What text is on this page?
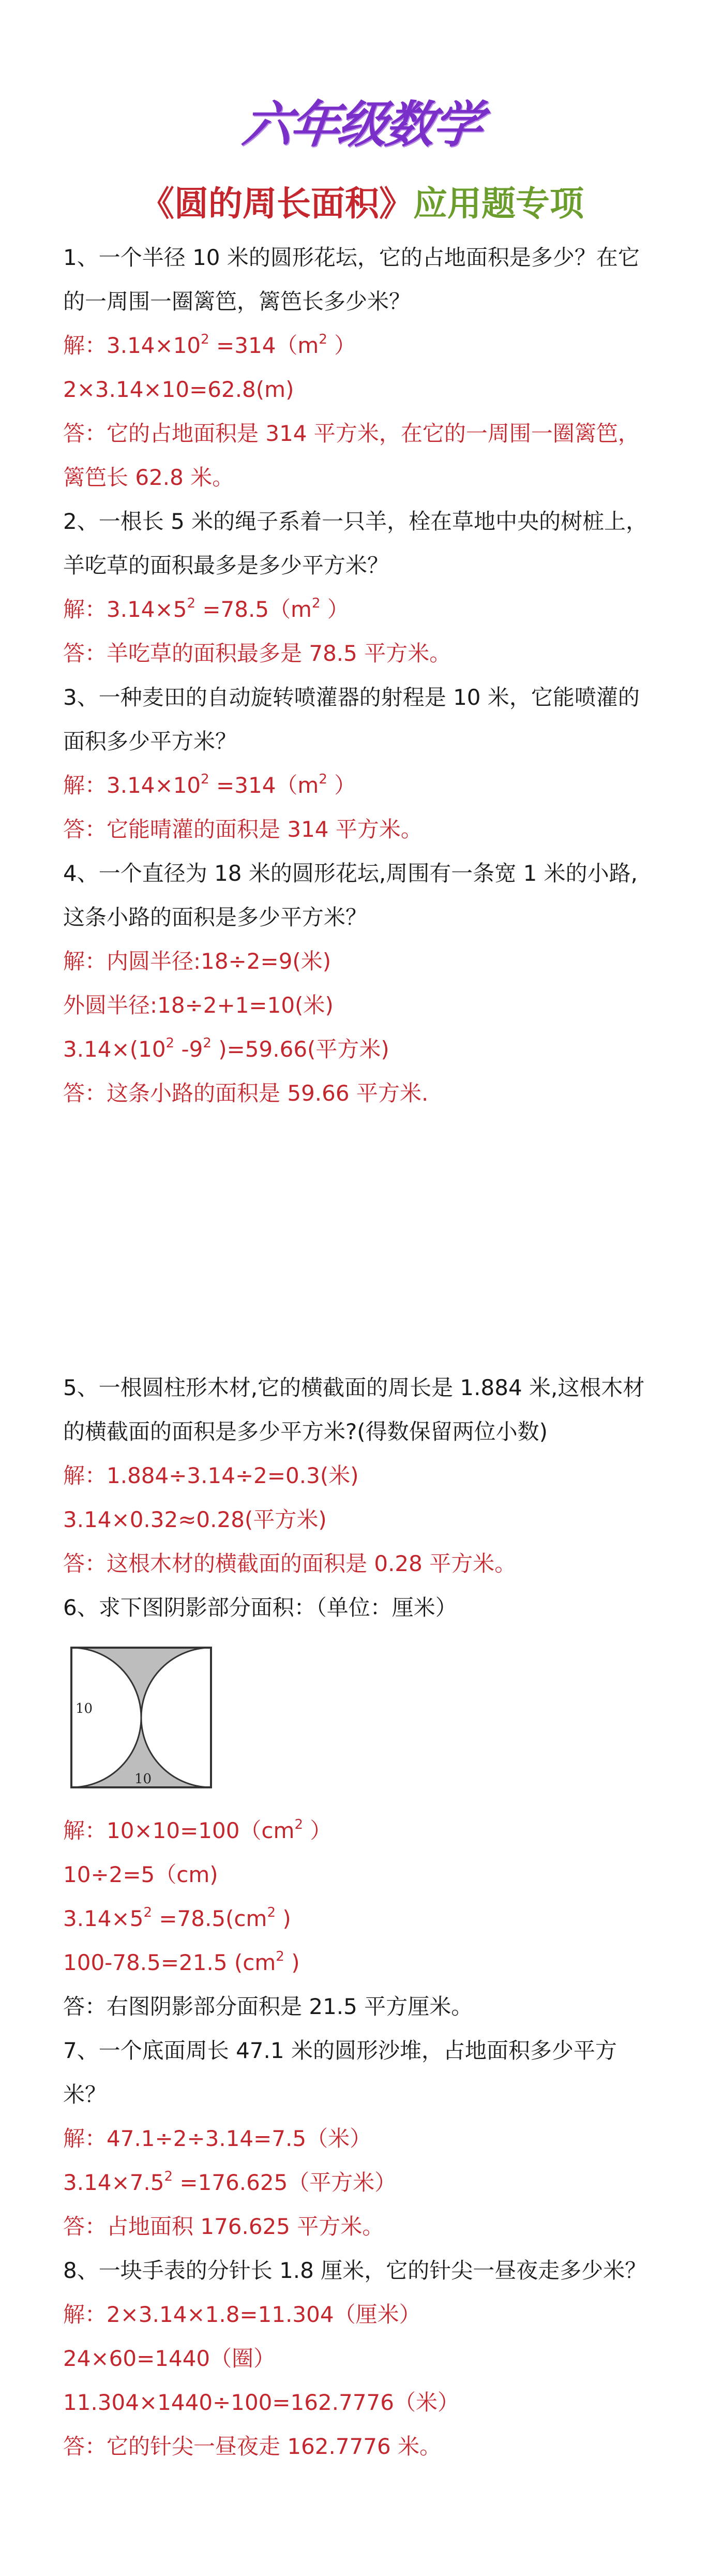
六年级数学
《圆的周长面积》应用题专项
1、一个半径 10 米的圆形花坛，它的占地面积是多少？在它
的一周围一圈篱笆，篱笆长多少米？
解：$3.14\times 10^2 =314(m^2$ ）
2×3.14×10=62.8(m)
答：它的占地面积是 314 平方米，在它的一周围一圈篱笆，
篱笆长 62.8 米。
2、一根长 5 米的绳子系着一只羊，栓在草地中央的树桩上，
羊吃草的面积最多是多少平方米？
解：$3.14\times 5^2 =78.5(m^2$ ）
答：羊吃草的面积最多是 78.5 平方米。
3、一种麦田的自动旋转喷灌器的射程是 10 米，它能喷灌的
面积多少平方米？
解：$3.14\times 10^2 =314(m^2$ ）
答：它能晴灌的面积是 314 平方米。
4、一个直径为 18 米的圆形花坛,周围有一条宽 1 米的小路,
这条小路的面积是多少平方米？
解：内圆半径:18÷2=9(米)
外圆半径:18÷2+1=10(米)
$3.14\times(10^2$ $-9^2$ )=59.66(平方米)
答：这条小路的面积是 59.66 平方米.
5、一根圆柱形木材,它的横截面的周长是 1.884 米,这根木材
的横截面的面积是多少平方米?(得数保留两位小数)
解：1.884÷3.14÷2=0.3(米)
3.14×0.32≈0.28(平方米)
答：这根木材的横截面的面积是 0.28 平方米。
6、求下图阴影部分面积：（单位：厘米）
10
10
解：$10\times 10=100(cm^2$ ）
10÷2=5（cm)
$3.14\times 5^2 =78.5(cm^2$ )
100-78.5=21.5 ($cm^2$ )
答：右图阴影部分面积是 21.5 平方厘米。
7、一个底面周长 47.1 米的圆形沙堆，占地面积多少平方
米？
解：47.1÷2÷3.14=7.5（米）
$3.14\times 7.5^2 =176.625$（平方米）
答：占地面积 176.625 平方米。
8、一块手表的分针长 1.8 厘米，它的针尖一昼夜走多少米？
解：2×3.14×1.8=11.304（厘米）
24×60=1440（圈）
11.304×1440÷100=162.7776（米）
答：它的针尖一昼夜走 162.7776 米。
